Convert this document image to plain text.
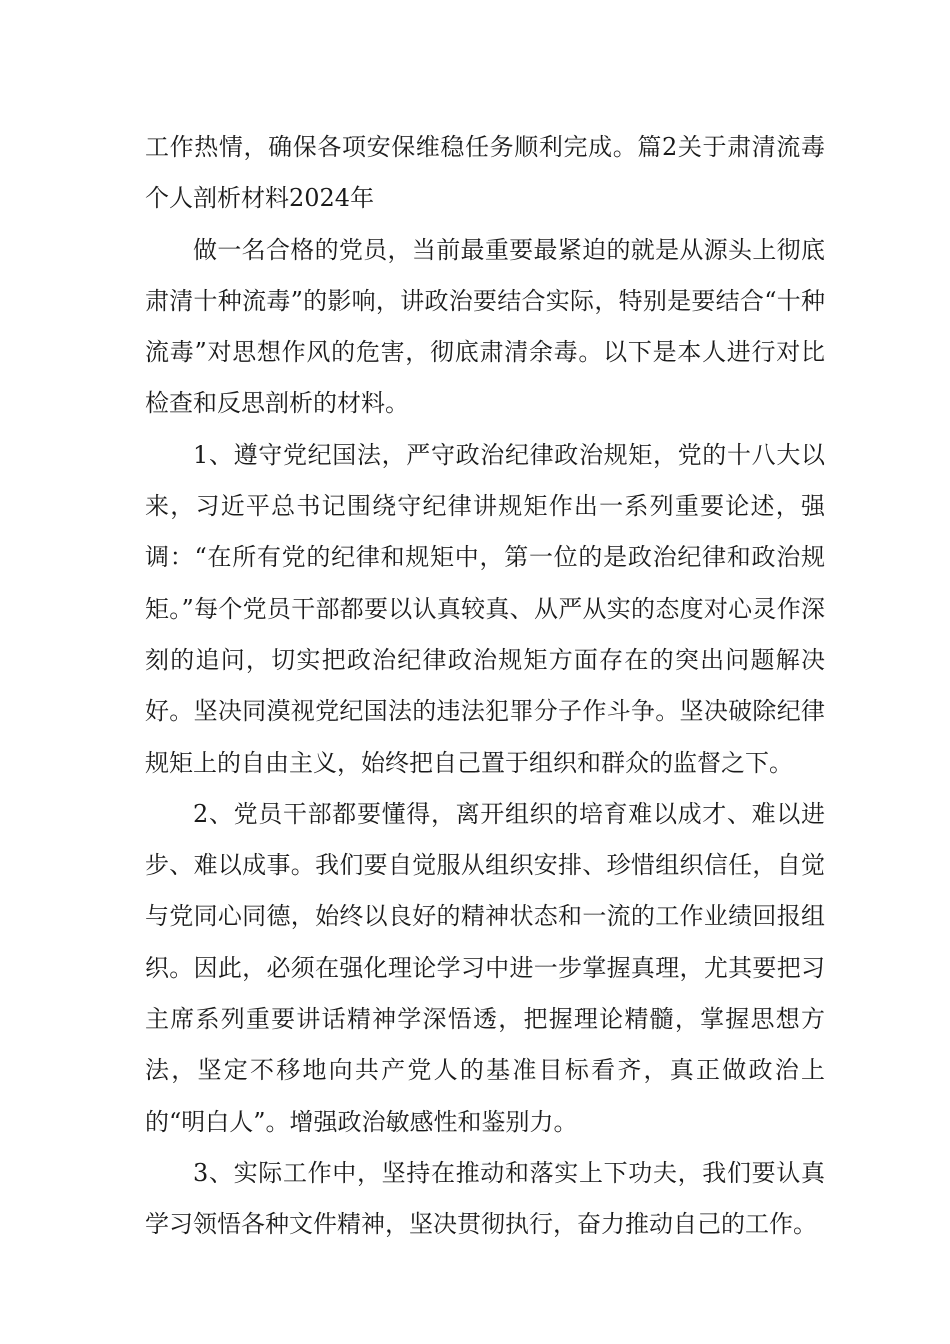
工作热情，确保各项安保维稳任务顺利完成。篇2关于肃清流毒个人剖析材料2024年

做一名合格的党员，当前最重要最紧迫的就是从源头上彻底肃清十种流毒”的影响，讲政治要结合实际，特别是要结合“十种流毒”对思想作风的危害，彻底肃清余毒。以下是本人进行对比检查和反思剖析的材料。

1、遵守党纪国法，严守政治纪律政治规矩，党的十八大以来，习近平总书记围绕守纪律讲规矩作出一系列重要论述，强调：“在所有党的纪律和规矩中，第一位的是政治纪律和政治规矩。”每个党员干部都要以认真较真、从严从实的态度对心灵作深刻的追问，切实把政治纪律政治规矩方面存在的突出问题解决好。坚决同漠视党纪国法的违法犯罪分子作斗争。坚决破除纪律规矩上的自由主义，始终把自己置于组织和群众的监督之下。

2、党员干部都要懂得，离开组织的培育难以成才、难以进步、难以成事。我们要自觉服从组织安排、珍惜组织信任，自觉与党同心同德，始终以良好的精神状态和一流的工作业绩回报组织。因此，必须在强化理论学习中进一步掌握真理，尤其要把习主席系列重要讲话精神学深悟透，把握理论精髓，掌握思想方法，坚定不移地向共产党人的基准目标看齐，真正做政治上的“明白人”。增强政治敏感性和鉴别力。

3、实际工作中，坚持在推动和落实上下功夫，我们要认真学习领悟各种文件精神，坚决贯彻执行，奋力推动自己的工作。
